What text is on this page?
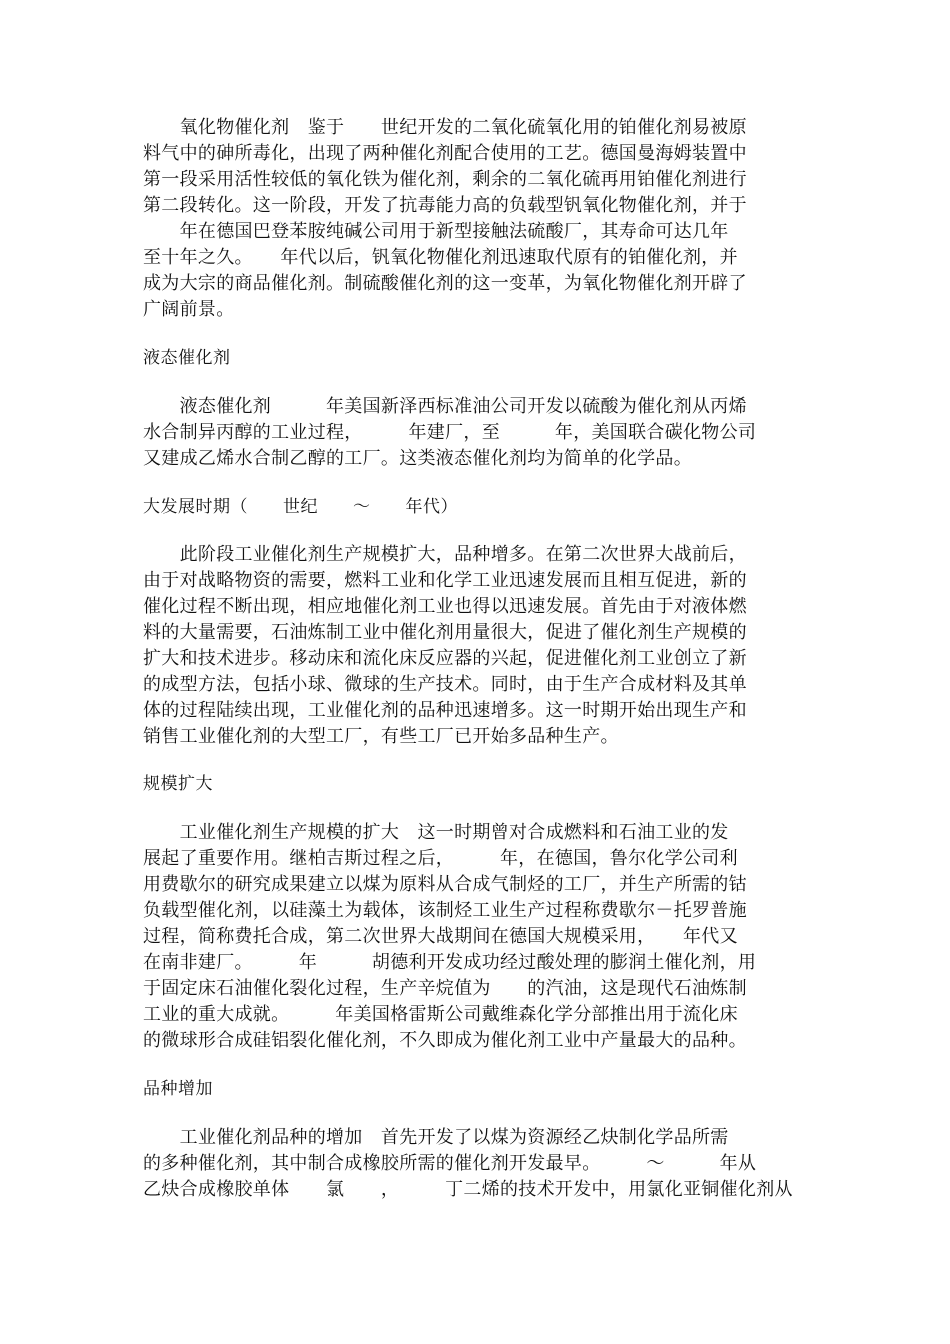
　　氧化物催化剂　鉴于　　世纪开发的二氧化硫氧化用的铂催化剂易被原
料气中的砷所毒化，出现了两种催化剂配合使用的工艺。德国曼海姆装置中
第一段采用活性较低的氧化铁为催化剂，剩余的二氧化硫再用铂催化剂进行
第二段转化。这一阶段，开发了抗毒能力高的负载型钒氧化物催化剂，并于
　　年在德国巴登苯胺纯碱公司用于新型接触法硫酸厂，其寿命可达几年
至十年之久。　　年代以后，钒氧化物催化剂迅速取代原有的铂催化剂，并
成为大宗的商品催化剂。制硫酸催化剂的这一变革，为氧化物催化剂开辟了
广阔前景。
液态催化剂
　　液态催化剂　　　年美国新泽西标准油公司开发以硫酸为催化剂从丙烯
水合制异丙醇的工业过程，　　　年建厂，至　　　年，美国联合碳化物公司
又建成乙烯水合制乙醇的工厂。这类液态催化剂均为简单的化学品。
大发展时期（　　世纪　　～　　年代）
　　此阶段工业催化剂生产规模扩大，品种增多。在第二次世界大战前后，
由于对战略物资的需要，燃料工业和化学工业迅速发展而且相互促进，新的
催化过程不断出现，相应地催化剂工业也得以迅速发展。首先由于对液体燃
料的大量需要，石油炼制工业中催化剂用量很大，促进了催化剂生产规模的
扩大和技术进步。移动床和流化床反应器的兴起，促进催化剂工业创立了新
的成型方法，包括小球、微球的生产技术。同时，由于生产合成材料及其单
体的过程陆续出现，工业催化剂的品种迅速增多。这一时期开始出现生产和
销售工业催化剂的大型工厂，有些工厂已开始多品种生产。
规模扩大
　　工业催化剂生产规模的扩大　这一时期曾对合成燃料和石油工业的发
展起了重要作用。继柏吉斯过程之后，　　　年，在德国，鲁尔化学公司利
用费歇尔的研究成果建立以煤为原料从合成气制烃的工厂，并生产所需的钴
负载型催化剂，以硅藻土为载体，该制烃工业生产过程称费歇尔－托罗普施
过程，简称费托合成，第二次世界大战期间在德国大规模采用，　　年代又
在南非建厂。　　　年　　　胡德利开发成功经过酸处理的膨润土催化剂，用
于固定床石油催化裂化过程，生产辛烷值为　　的汽油，这是现代石油炼制
工业的重大成就。　　　年美国格雷斯公司戴维森化学分部推出用于流化床
的微球形合成硅铝裂化催化剂，不久即成为催化剂工业中产量最大的品种。
品种增加
　　工业催化剂品种的增加　首先开发了以煤为资源经乙炔制化学品所需
的多种催化剂，其中制合成橡胶所需的催化剂开发最早。　　　～　　　年从
乙炔合成橡胶单体　　氯　　，　　　丁二烯的技术开发中，用氯化亚铜催化剂从
